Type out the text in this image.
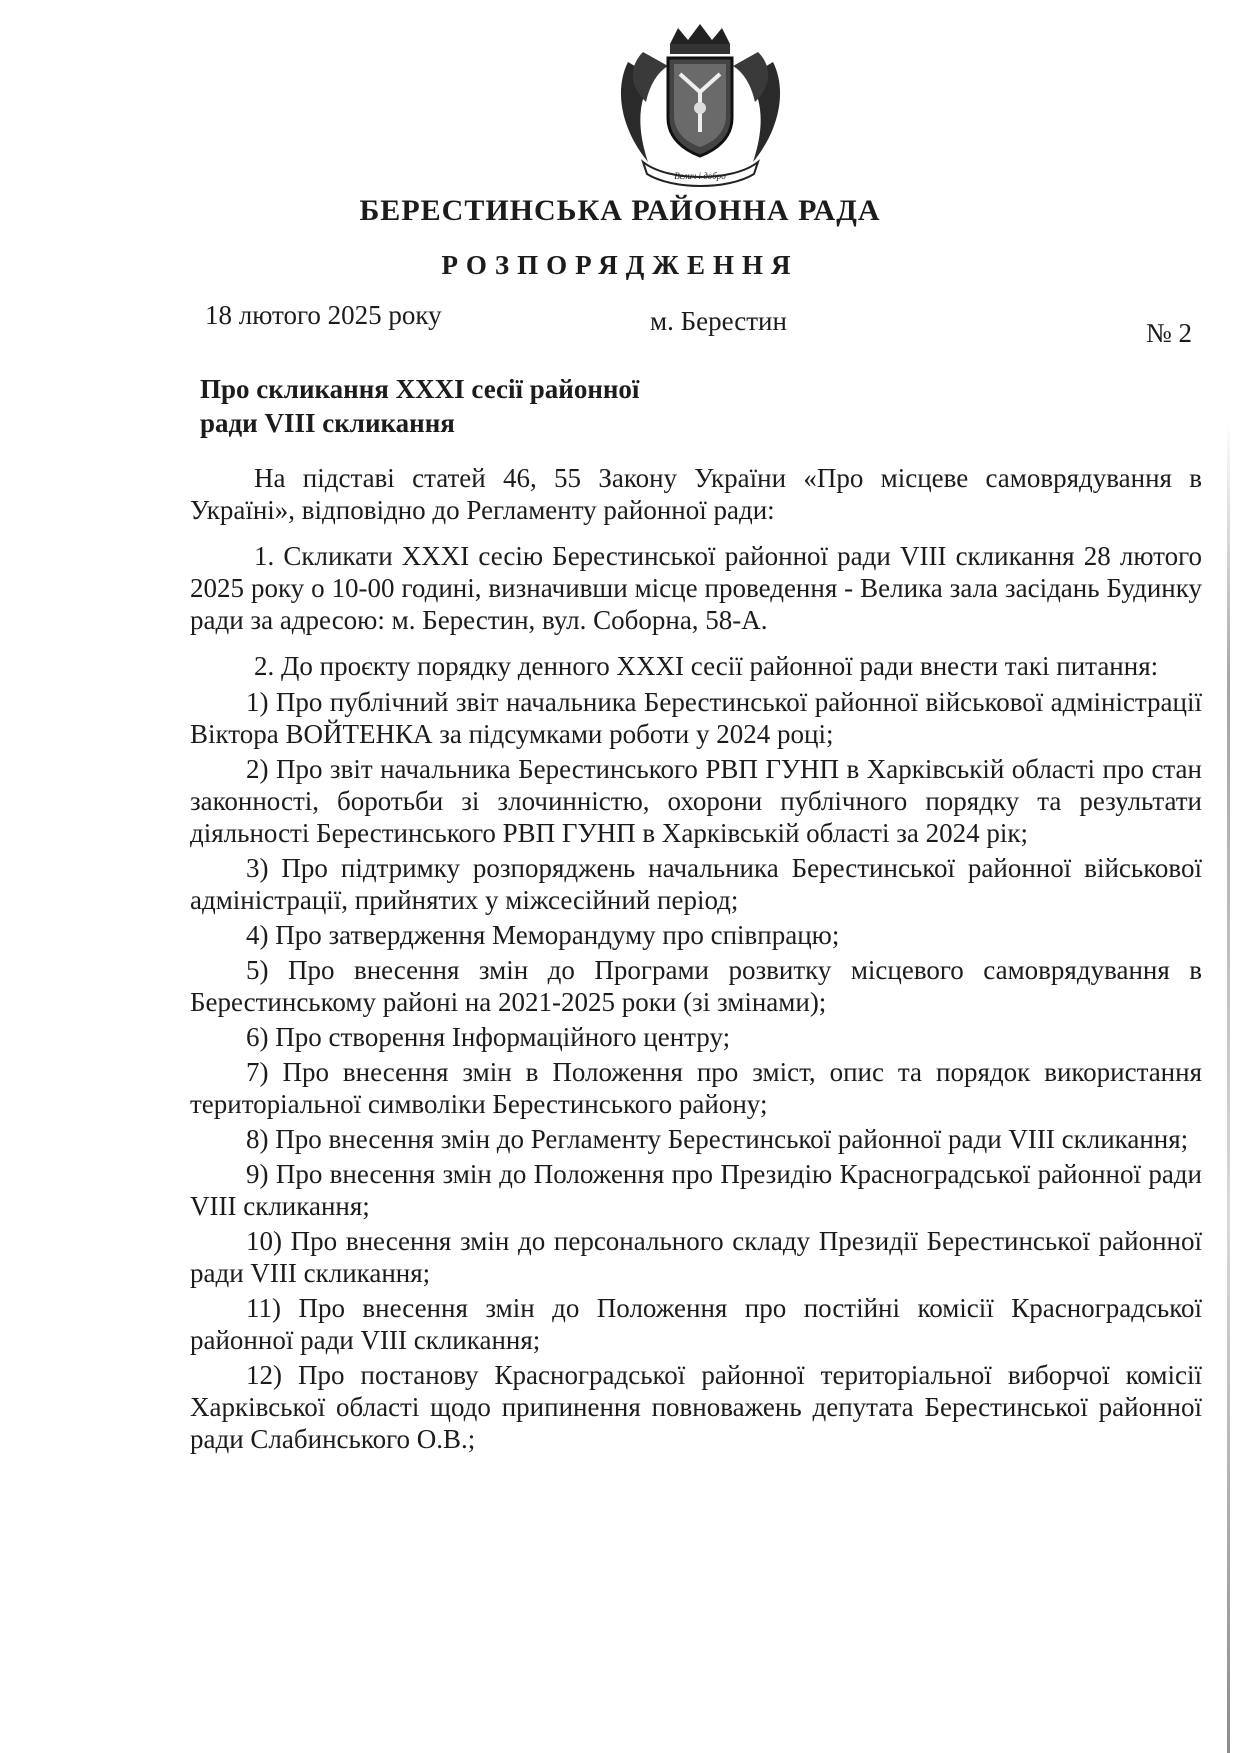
Велич і добро
БЕРЕСТИНСЬКА РАЙОННА РАДА
РОЗПОРЯДЖЕННЯ
18 лютого 2025 року	м. Берестин	№ 2
Про скликання XXXI сесії районної
ради VIII скликання

На підставі статей 46, 55 Закону України «Про місцеве самоврядування в Україні», відповідно до Регламенту районної ради:

1. Скликати XXXI сесію Берестинської районної ради VIII скликання 28 лютого 2025 року о 10-00 годині, визначивши місце проведення - Велика зала засідань Будинку ради за адресою: м. Берестин, вул. Соборна, 58-А.

2. До проєкту порядку денного XXXI сесії районної ради внести такі питання:

1) Про публічний звіт начальника Берестинської районної військової адміністрації Віктора ВОЙТЕНКА за підсумками роботи у 2024 році;
2) Про звіт начальника Берестинського РВП ГУНП в Харківській області про стан законності, боротьби зі злочинністю, охорони публічного порядку та результати діяльності Берестинського РВП ГУНП в Харківській області за 2024 рік;
3) Про підтримку розпоряджень начальника Берестинської районної військової адміністрації, прийнятих у міжсесійний період;
4) Про затвердження Меморандуму про співпрацю;
5) Про внесення змін до Програми розвитку місцевого самоврядування в Берестинському районі на 2021-2025 роки (зі змінами);
6) Про створення Інформаційного центру;
7) Про внесення змін в Положення про зміст, опис та порядок використання територіальної символіки Берестинського району;
8) Про внесення змін до Регламенту Берестинської районної ради VIII скликання;
9) Про внесення змін до Положення про Президію Красноградської районної ради VIII скликання;
10) Про внесення змін до персонального складу Президії Берестинської районної ради VIII скликання;
11) Про внесення змін до Положення про постійні комісії Красноградської районної ради VIII скликання;
12) Про постанову Красноградської районної територіальної виборчої комісії Харківської області щодо припинення повноважень депутата Берестинської районної ради Слабинського О.В.;
